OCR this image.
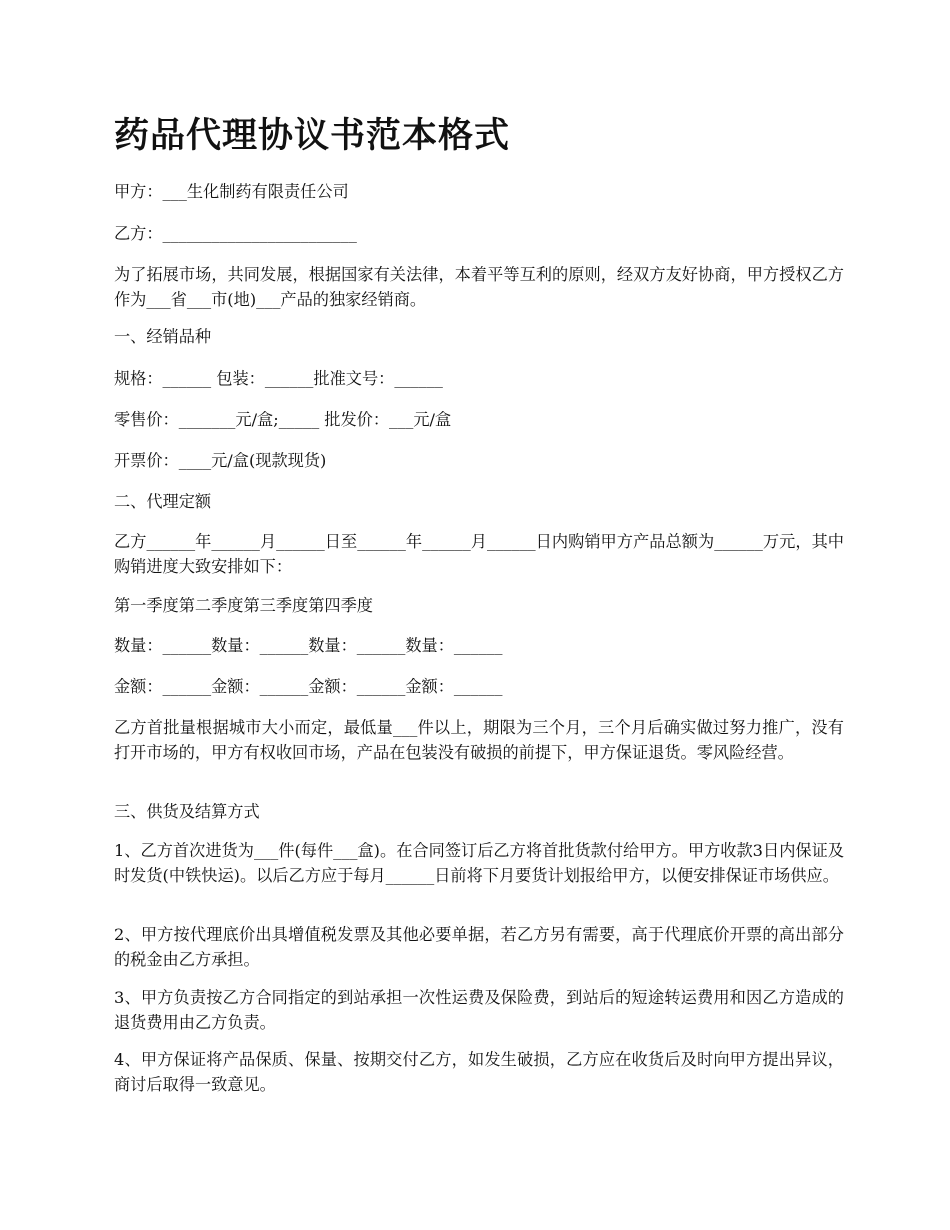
药品代理协议书范本格式

甲方：___生化制药有限责任公司

乙方：________________________

为了拓展市场，共同发展，根据国家有关法律，本着平等互利的原则，经双方友好协商，甲方授权乙方作为___省___市(地)___产品的独家经销商。

一、经销品种

规格：______ 包装：______批准文号：______

零售价：_______元/盒;_____ 批发价：___元/盒

开票价：____元/盒(现款现货)

二、代理定额

乙方______年______月______日至______年______月______日内购销甲方产品总额为______万元，其中购销进度大致安排如下：

第一季度第二季度第三季度第四季度

数量：______数量：______数量：______数量：______

金额：______金额：______金额：______金额：______

乙方首批量根据城市大小而定，最低量___件以上，期限为三个月，三个月后确实做过努力推广，没有打开市场的，甲方有权收回市场，产品在包装没有破损的前提下，甲方保证退货。零风险经营。

三、供货及结算方式

1、乙方首次进货为___件(每件___盒)。在合同签订后乙方将首批货款付给甲方。甲方收款3日内保证及时发货(中铁快运)。以后乙方应于每月______日前将下月要货计划报给甲方，以便安排保证市场供应。

2、甲方按代理底价出具增值税发票及其他必要单据，若乙方另有需要，高于代理底价开票的高出部分的税金由乙方承担。

3、甲方负责按乙方合同指定的到站承担一次性运费及保险费，到站后的短途转运费用和因乙方造成的退货费用由乙方负责。

4、甲方保证将产品保质、保量、按期交付乙方，如发生破损，乙方应在收货后及时向甲方提出异议，商讨后取得一致意见。
